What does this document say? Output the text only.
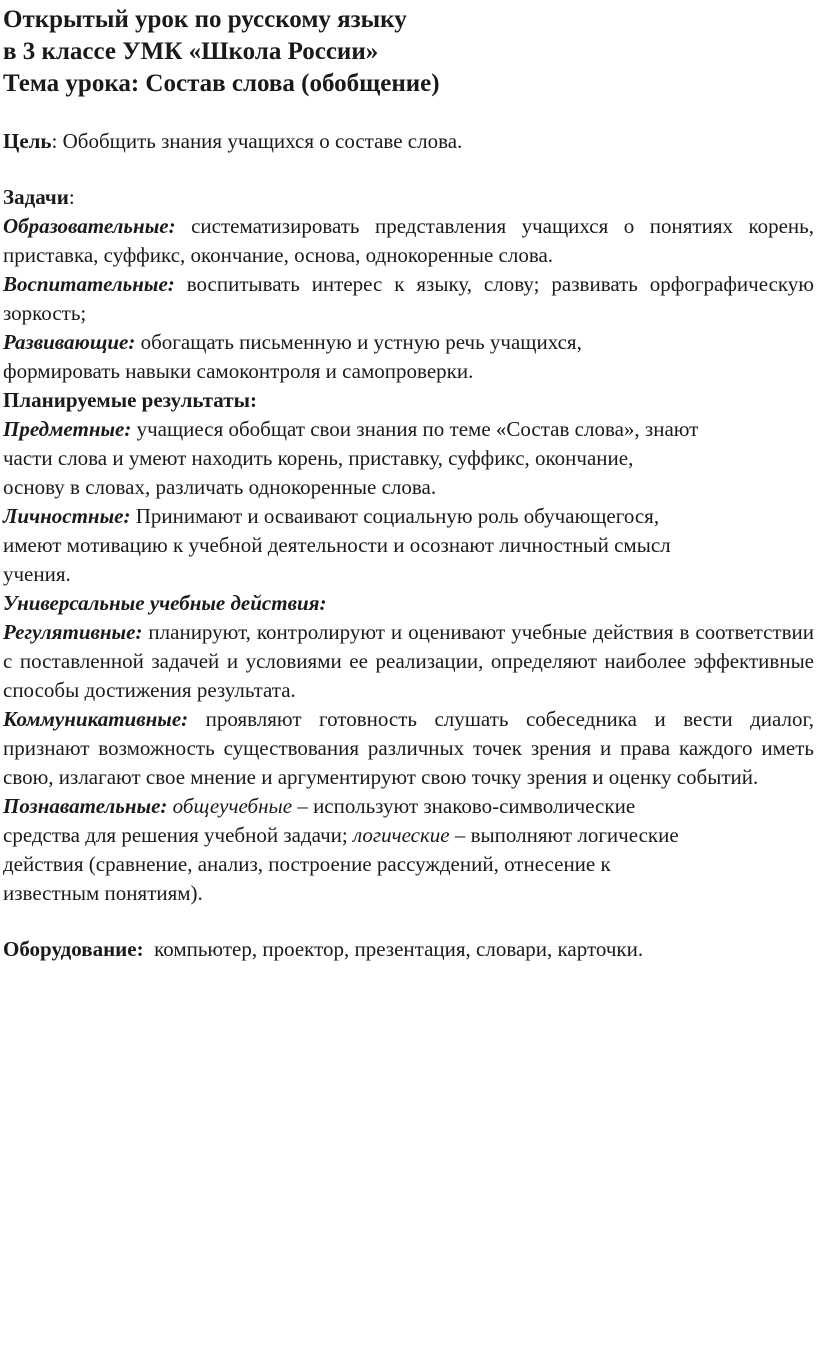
Открытый урок по русскому языку
в 3 классе УМК «Школа России»
Тема урока: Состав слова (обобщение)

Цель: Обобщить знания учащихся о составе слова.

Задачи:

Образовательные: систематизировать представления учащихся о понятиях корень, приставка, суффикс, окончание, основа, однокоренные слова.

Воспитательные: воспитывать интерес к языку, слову; развивать орфографическую зоркость;

Развивающие: обогащать письменную и устную речь учащихся,
формировать навыки самоконтроля и самопроверки.

Планируемые результаты:

Предметные: учащиеся обобщат свои знания по теме «Состав слова», знают
части слова и умеют находить корень, приставку, суффикс, окончание,
основу в словах, различать однокоренные слова.

Личностные: Принимают и осваивают социальную роль обучающегося,
имеют мотивацию к учебной деятельности и осознают личностный смысл
учения.

Универсальные учебные действия:

Регулятивные: планируют, контролируют и оценивают учебные действия в соответствии с поставленной задачей и условиями ее реализации, определяют наиболее эффективные способы достижения результата.

Коммуникативные: проявляют готовность слушать собеседника и вести диалог, признают возможность существования различных точек зрения и права каждого иметь свою, излагают свое мнение и аргументируют свою точку зрения и оценку событий.

Познавательные: общеучебные – используют знаково-символические
средства для решения учебной задачи; логические – выполняют логические
действия (сравнение, анализ, построение рассуждений, отнесение к
известным понятиям).

Оборудование:  компьютер, проектор, презентация, словари, карточки.
